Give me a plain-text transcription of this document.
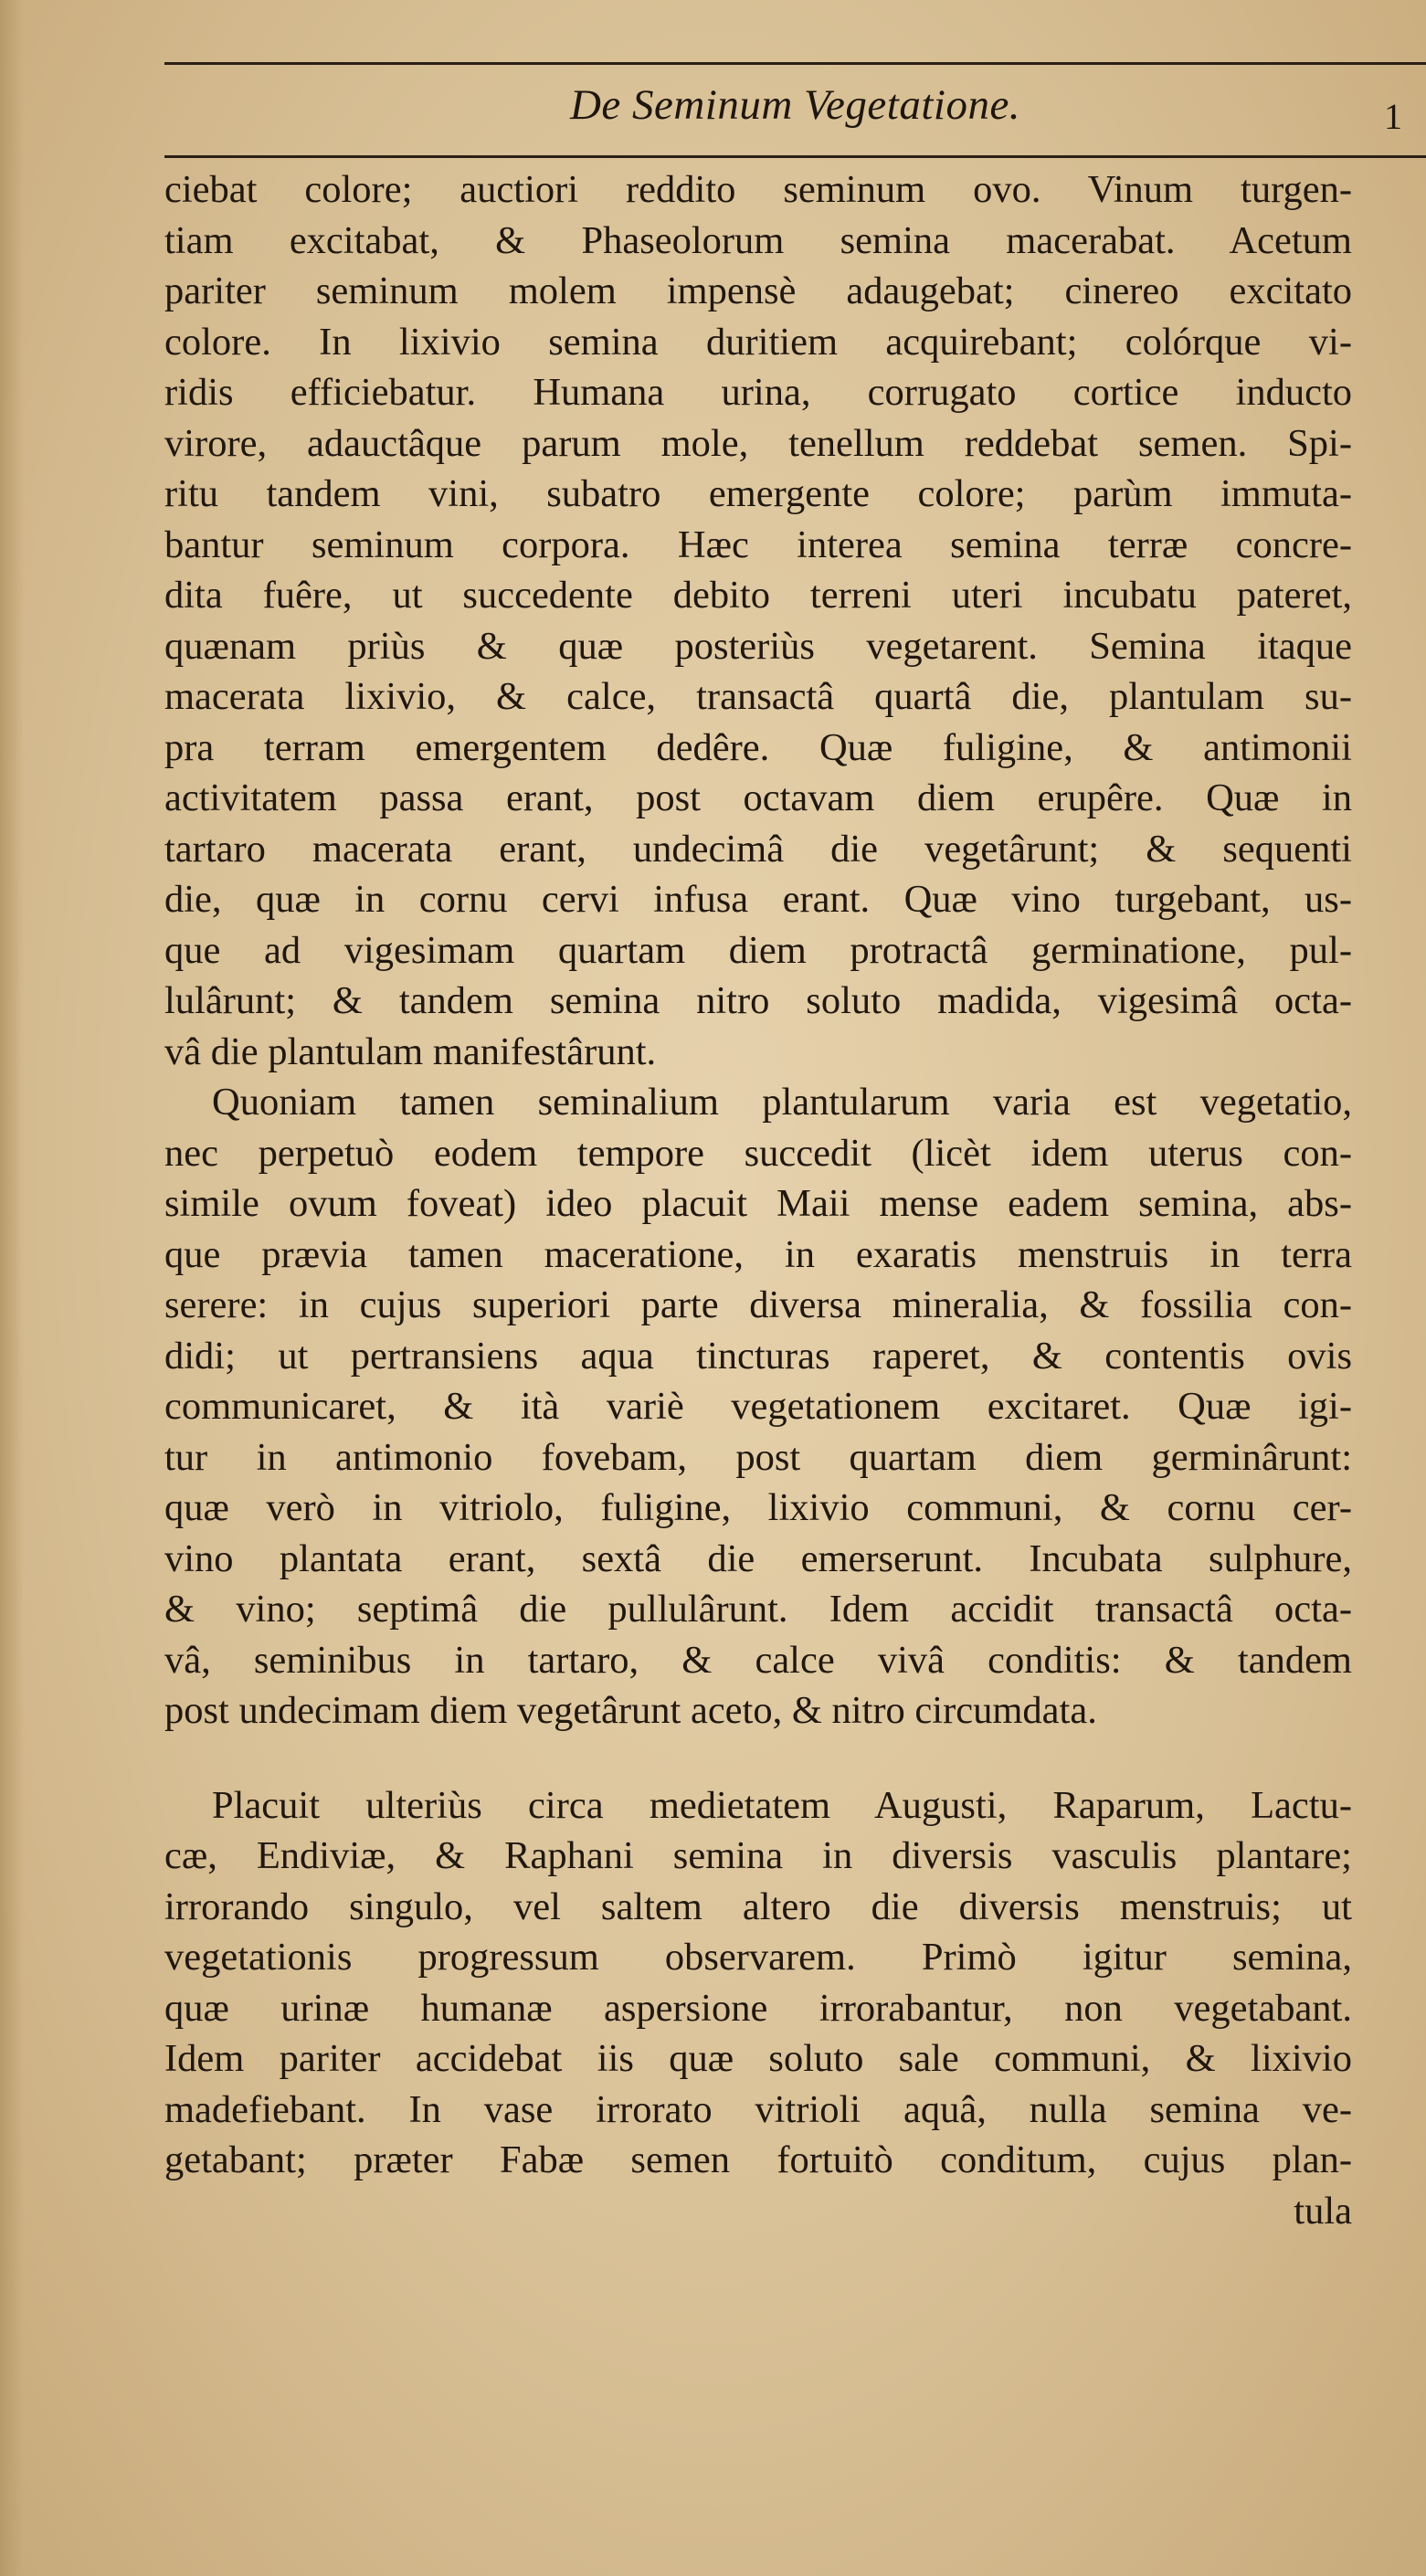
De Seminum Vegetatione.	1
ciebat colore; auctiori reddito seminum ovo. Vinum turgen-
tiam excitabat, & Phaseolorum semina macerabat. Acetum
pariter seminum molem impensè adaugebat; cinereo excitato
colore. In lixivio semina duritiem acquirebant; colórque vi-
ridis efficiebatur. Humana urina, corrugato cortice inducto
virore, adauctâque parum mole, tenellum reddebat semen. Spi-
ritu tandem vini, subatro emergente colore; parùm immuta-
bantur seminum corpora. Hæc interea semina terræ concre-
dita fuêre, ut succedente debito terreni uteri incubatu pateret,
quænam priùs & quæ posteriùs vegetarent. Semina itaque
macerata lixivio, & calce, transactâ quartâ die, plantulam su-
pra terram emergentem dedêre. Quæ fuligine, & antimonii
activitatem passa erant, post octavam diem erupêre. Quæ in
tartaro macerata erant, undecimâ die vegetârunt; & sequenti
die, quæ in cornu cervi infusa erant. Quæ vino turgebant, us-
que ad vigesimam quartam diem protractâ germinatione, pul-
lulârunt; & tandem semina nitro soluto madida, vigesimâ octa-
vâ die plantulam manifestârunt.
Quoniam tamen seminalium plantularum varia est vegetatio,
nec perpetuò eodem tempore succedit (licèt idem uterus con-
simile ovum foveat) ideo placuit Maii mense eadem semina, abs-
que prævia tamen maceratione, in exaratis menstruis in terra
serere: in cujus superiori parte diversa mineralia, & fossilia con-
didi; ut pertransiens aqua tincturas raperet, & contentis ovis
communicaret, & ità variè vegetationem excitaret. Quæ igi-
tur in antimonio fovebam, post quartam diem germinârunt:
quæ verò in vitriolo, fuligine, lixivio communi, & cornu cer-
vino plantata erant, sextâ die emerserunt. Incubata sulphure,
& vino; septimâ die pullulârunt. Idem accidit transactâ octa-
vâ, seminibus in tartaro, & calce vivâ conditis: & tandem
post undecimam diem vegetârunt aceto, & nitro circumdata.
Placuit ulteriùs circa medietatem Augusti, Raparum, Lactu-
cæ, Endiviæ, & Raphani semina in diversis vasculis plantare;
irrorando singulo, vel saltem altero die diversis menstruis; ut
vegetationis progressum observarem. Primò igitur semina,
quæ urinæ humanæ aspersione irrorabantur, non vegetabant.
Idem pariter accidebat iis quæ soluto sale communi, & lixivio
madefiebant. In vase irrorato vitrioli aquâ, nulla semina ve-
getabant; præter Fabæ semen fortuitò conditum, cujus plan-
tula
